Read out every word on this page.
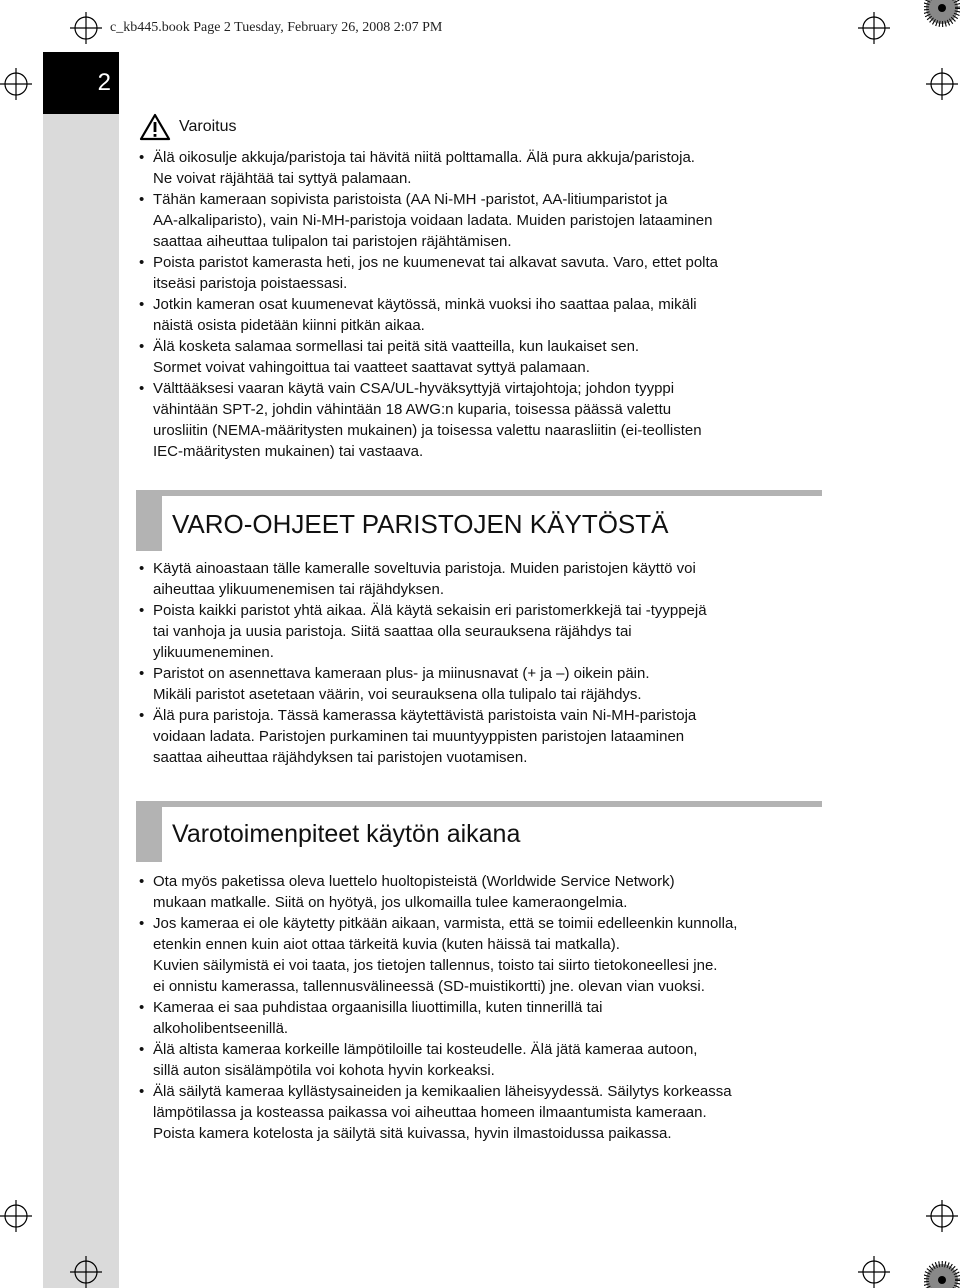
c_kb445.book Page 2 Tuesday, February 26, 2008 2:07 PM
2
Varoitus
• Älä oikosulje akkuja/paristoja tai hävitä niitä polttamalla. Älä pura akkuja/paristoja.
Ne voivat räjähtää tai syttyä palamaan.
• Tähän kameraan sopivista paristoista (AA Ni-MH -paristot, AA-litiumparistot ja
AA-alkaliparisto), vain Ni-MH-paristoja voidaan ladata. Muiden paristojen lataaminen
saattaa aiheuttaa tulipalon tai paristojen räjähtämisen.
• Poista paristot kamerasta heti, jos ne kuumenevat tai alkavat savuta. Varo, ettet polta
itseäsi paristoja poistaessasi.
• Jotkin kameran osat kuumenevat käytössä, minkä vuoksi iho saattaa palaa, mikäli
näistä osista pidetään kiinni pitkän aikaa.
• Älä kosketa salamaa sormellasi tai peitä sitä vaatteilla, kun laukaiset sen.
Sormet voivat vahingoittua tai vaatteet saattavat syttyä palamaan.
• Välttääksesi vaaran käytä vain CSA/UL-hyväksyttyjä virtajohtoja; johdon tyyppi
vähintään SPT-2, johdin vähintään 18 AWG:n kuparia, toisessa päässä valettu
urosliitin (NEMA-määritysten mukainen) ja toisessa valettu naarasliitin (ei-teollisten
IEC-määritysten mukainen) tai vastaava.
VARO-OHJEET PARISTOJEN KÄYTÖSTÄ
• Käytä ainoastaan tälle kameralle soveltuvia paristoja. Muiden paristojen käyttö voi
aiheuttaa ylikuumenemisen tai räjähdyksen.
• Poista kaikki paristot yhtä aikaa. Älä käytä sekaisin eri paristomerkkejä tai -tyyppejä
tai vanhoja ja uusia paristoja. Siitä saattaa olla seurauksena räjähdys tai
ylikuumeneminen.
• Paristot on asennettava kameraan plus- ja miinusnavat (+ ja –) oikein päin.
Mikäli paristot asetetaan väärin, voi seurauksena olla tulipalo tai räjähdys.
• Älä pura paristoja. Tässä kamerassa käytettävistä paristoista vain Ni-MH-paristoja
voidaan ladata. Paristojen purkaminen tai muuntyyppisten paristojen lataaminen
saattaa aiheuttaa räjähdyksen tai paristojen vuotamisen.
Varotoimenpiteet käytön aikana
• Ota myös paketissa oleva luettelo huoltopisteistä (Worldwide Service Network)
mukaan matkalle. Siitä on hyötyä, jos ulkomailla tulee kameraongelmia.
• Jos kameraa ei ole käytetty pitkään aikaan, varmista, että se toimii edelleenkin kunnolla,
etenkin ennen kuin aiot ottaa tärkeitä kuvia (kuten häissä tai matkalla).
Kuvien säilymistä ei voi taata, jos tietojen tallennus, toisto tai siirto tietokoneellesi jne.
ei onnistu kamerassa, tallennusvälineessä (SD-muistikortti) jne. olevan vian vuoksi.
• Kameraa ei saa puhdistaa orgaanisilla liuottimilla, kuten tinnerillä tai
alkoholibentseenillä.
• Älä altista kameraa korkeille lämpötiloille tai kosteudelle. Älä jätä kameraa autoon,
sillä auton sisälämpötila voi kohota hyvin korkeaksi.
• Älä säilytä kameraa kyllästysaineiden ja kemikaalien läheisyydessä. Säilytys korkeassa
lämpötilassa ja kosteassa paikassa voi aiheuttaa homeen ilmaantumista kameraan.
Poista kamera kotelosta ja säilytä sitä kuivassa, hyvin ilmastoidussa paikassa.
